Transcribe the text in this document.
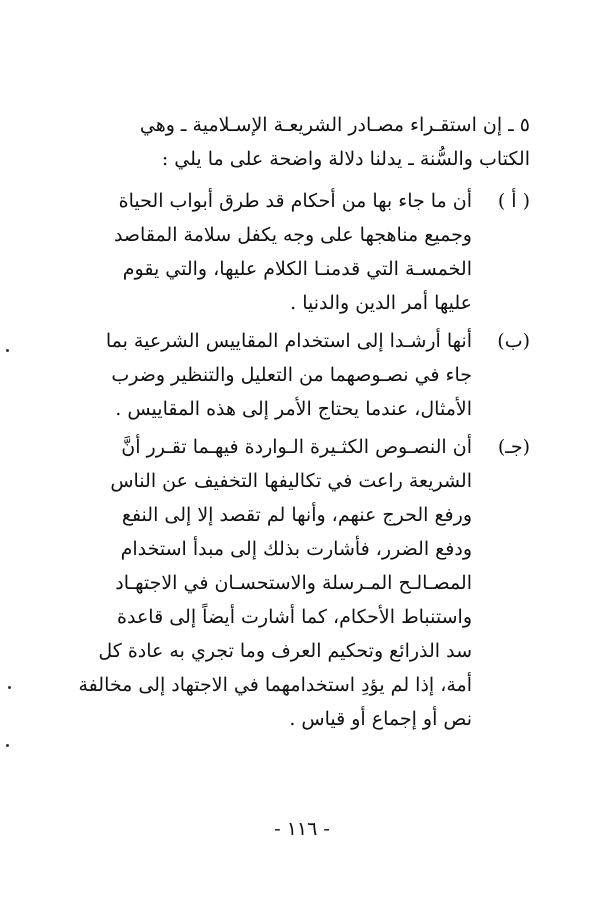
٥ ـ إن استقـراء مصـادر الشريعـة الإسـلامية ـ وهي
الكتاب والسُّنة ـ يدلنا دلالة واضحة على ما يلي :
( أ )
أن ما جاء بها من أحكام قد طرق أبواب الحياة
وجميع مناهجها على وجه يكفل سلامة المقاصد
الخمسـة التي قدمنـا الكلام عليها، والتي يقوم
عليها أمر الدين والدنيا .
(ب)
أنها أرشـدا إلى استخدام المقاييس الشرعية بما
جاء في نصـوصهما من التعليل والتنظير وضرب
الأمثال، عندما يحتاج الأمر إلى هذه المقاييس .
(جـ)
أن النصـوص الكثـيرة الـواردة فيهـما تقـرر أنَّ
الشريعة راعت في تكاليفها التخفيف عن الناس
ورفع الحرج عنهم، وأنها لم تقصد إلا إلى النفع
ودفع الضرر، فأشارت بذلك إلى مبدأ استخدام
المصـالـح المـرسلة والاستحسـان في الاجتهـاد
واستنباط الأحكام، كما أشارت أيضاً إلى قاعدة
سد الذرائع وتحكيم العرف وما تجري به عادة كل
أمة، إذا لم يؤدِ استخدامهما في الاجتهاد إلى مخالفة
نص أو إجماع أو قياس .
- ١١٦ -
